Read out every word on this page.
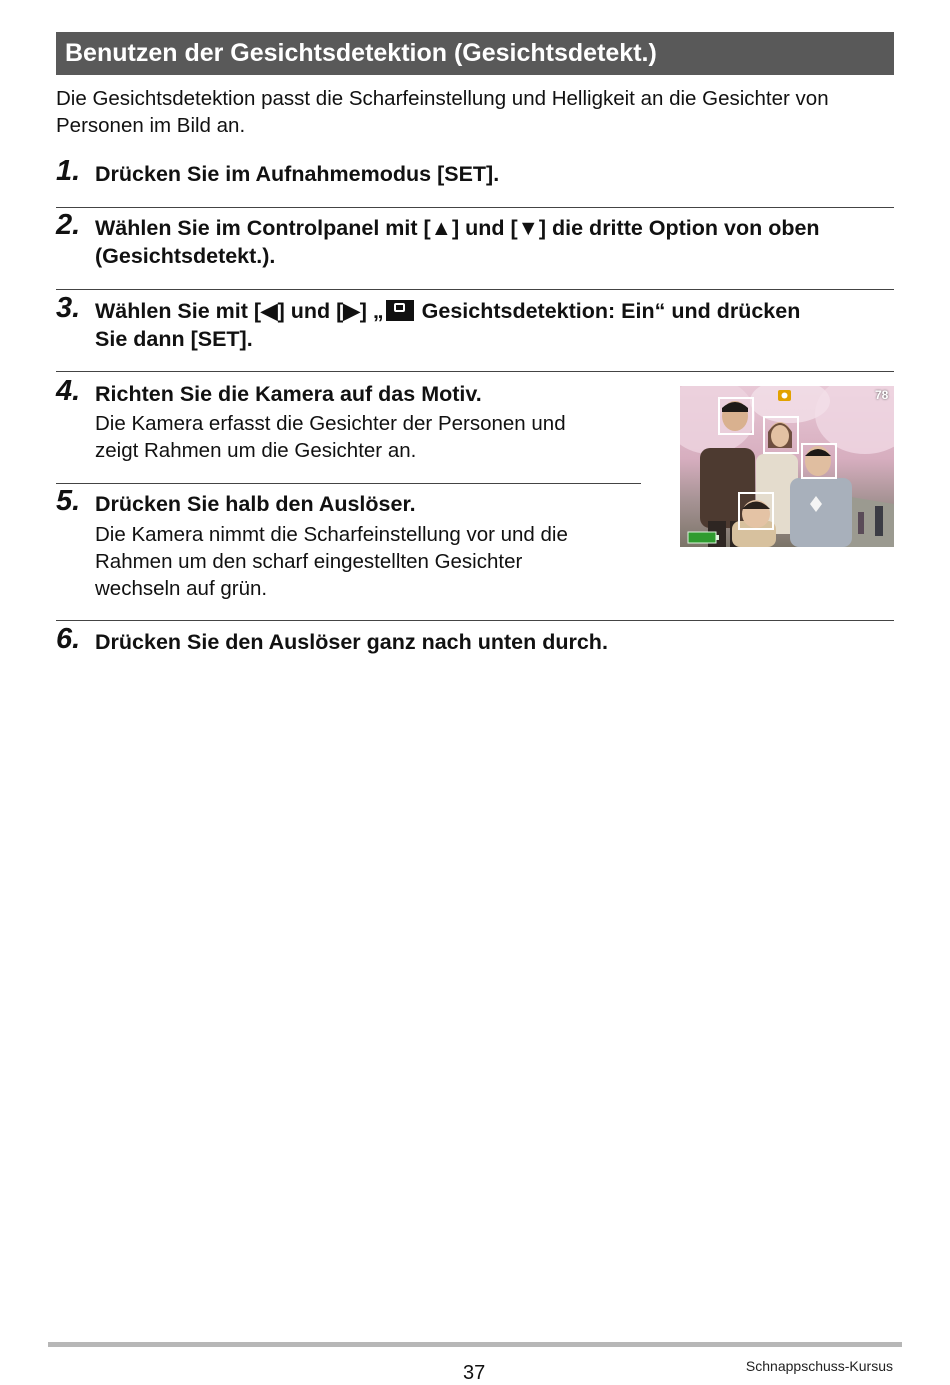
Benutzen der Gesichtsdetektion (Gesichtsdetekt.)

Die Gesichtsdetektion passt die Scharfeinstellung und Helligkeit an die Gesichter von Personen im Bild an.

1. Drücken Sie im Aufnahmemodus [SET].
2. Wählen Sie im Controlpanel mit [▲] und [▼] die dritte Option von oben
(Gesichtsdetekt.).
3. Wählen Sie mit [◀] und [▶] „ Gesichtsdetektion: Ein“ und drücken
Sie dann [SET].
4. Richten Sie die Kamera auf das Motiv.
Die Kamera erfasst die Gesichter der Personen und
zeigt Rahmen um die Gesichter an.
5. Drücken Sie halb den Auslöser.
Die Kamera nimmt die Scharfeinstellung vor und die
Rahmen um den scharf eingestellten Gesichter
wechseln auf grün.
78
6. Drücken Sie den Auslöser ganz nach unten durch.
37	Schnappschuss-Kursus
